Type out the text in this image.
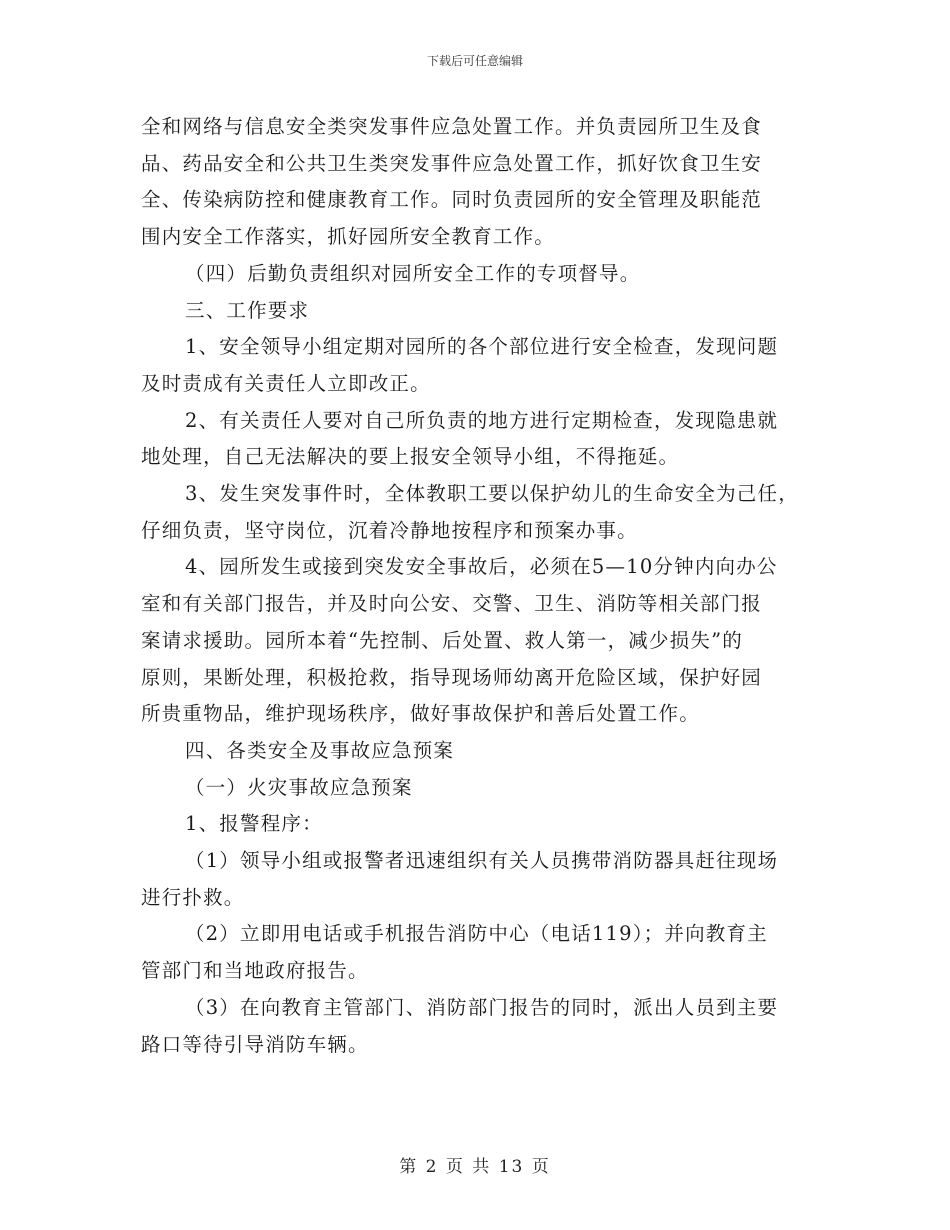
下载后可任意编辑

全和网络与信息安全类突发事件应急处置工作。并负责园所卫生及食

品、药品安全和公共卫生类突发事件应急处置工作，抓好饮食卫生安

全、传染病防控和健康教育工作。同时负责园所的安全管理及职能范

围内安全工作落实，抓好园所安全教育工作。

（四）后勤负责组织对园所安全工作的专项督导。

三、工作要求

1、安全领导小组定期对园所的各个部位进行安全检查，发现问题

及时责成有关责任人立即改正。

2、有关责任人要对自己所负责的地方进行定期检查，发现隐患就

地处理，自己无法解决的要上报安全领导小组，不得拖延。

3、发生突发事件时，全体教职工要以保护幼儿的生命安全为己任，

仔细负责，坚守岗位，沉着冷静地按程序和预案办事。

4、园所发生或接到突发安全事故后，必须在5—10分钟内向办公

室和有关部门报告，并及时向公安、交警、卫生、消防等相关部门报

案请求援助。园所本着“先控制、后处置、救人第一，减少损失”的

原则，果断处理，积极抢救，指导现场师幼离开危险区域，保护好园

所贵重物品，维护现场秩序，做好事故保护和善后处置工作。

四、各类安全及事故应急预案

（一）火灾事故应急预案

1、报警程序：

（1）领导小组或报警者迅速组织有关人员携带消防器具赶往现场

进行扑救。

（2）立即用电话或手机报告消防中心（电话119）；并向教育主

管部门和当地政府报告。

（3）在向教育主管部门、消防部门报告的同时，派出人员到主要

路口等待引导消防车辆。

第 2 页 共 13 页
